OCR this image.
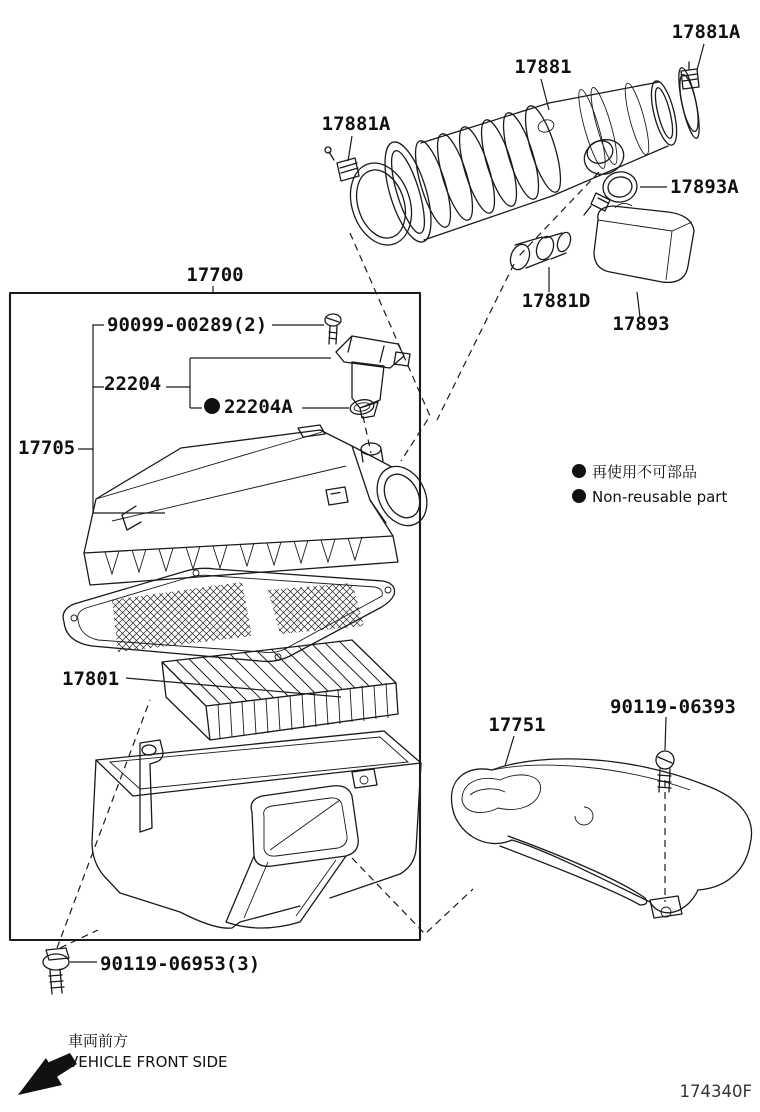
17881A
17881
17881A
17893A
17881D
17893
17700
90099-00289(2)
22204
22204A
17705
17801
17751
90119-06393
90119-06953(3)
再使用不可部品
Non-reusable part
車両前方
VEHICLE FRONT SIDE
174340F
